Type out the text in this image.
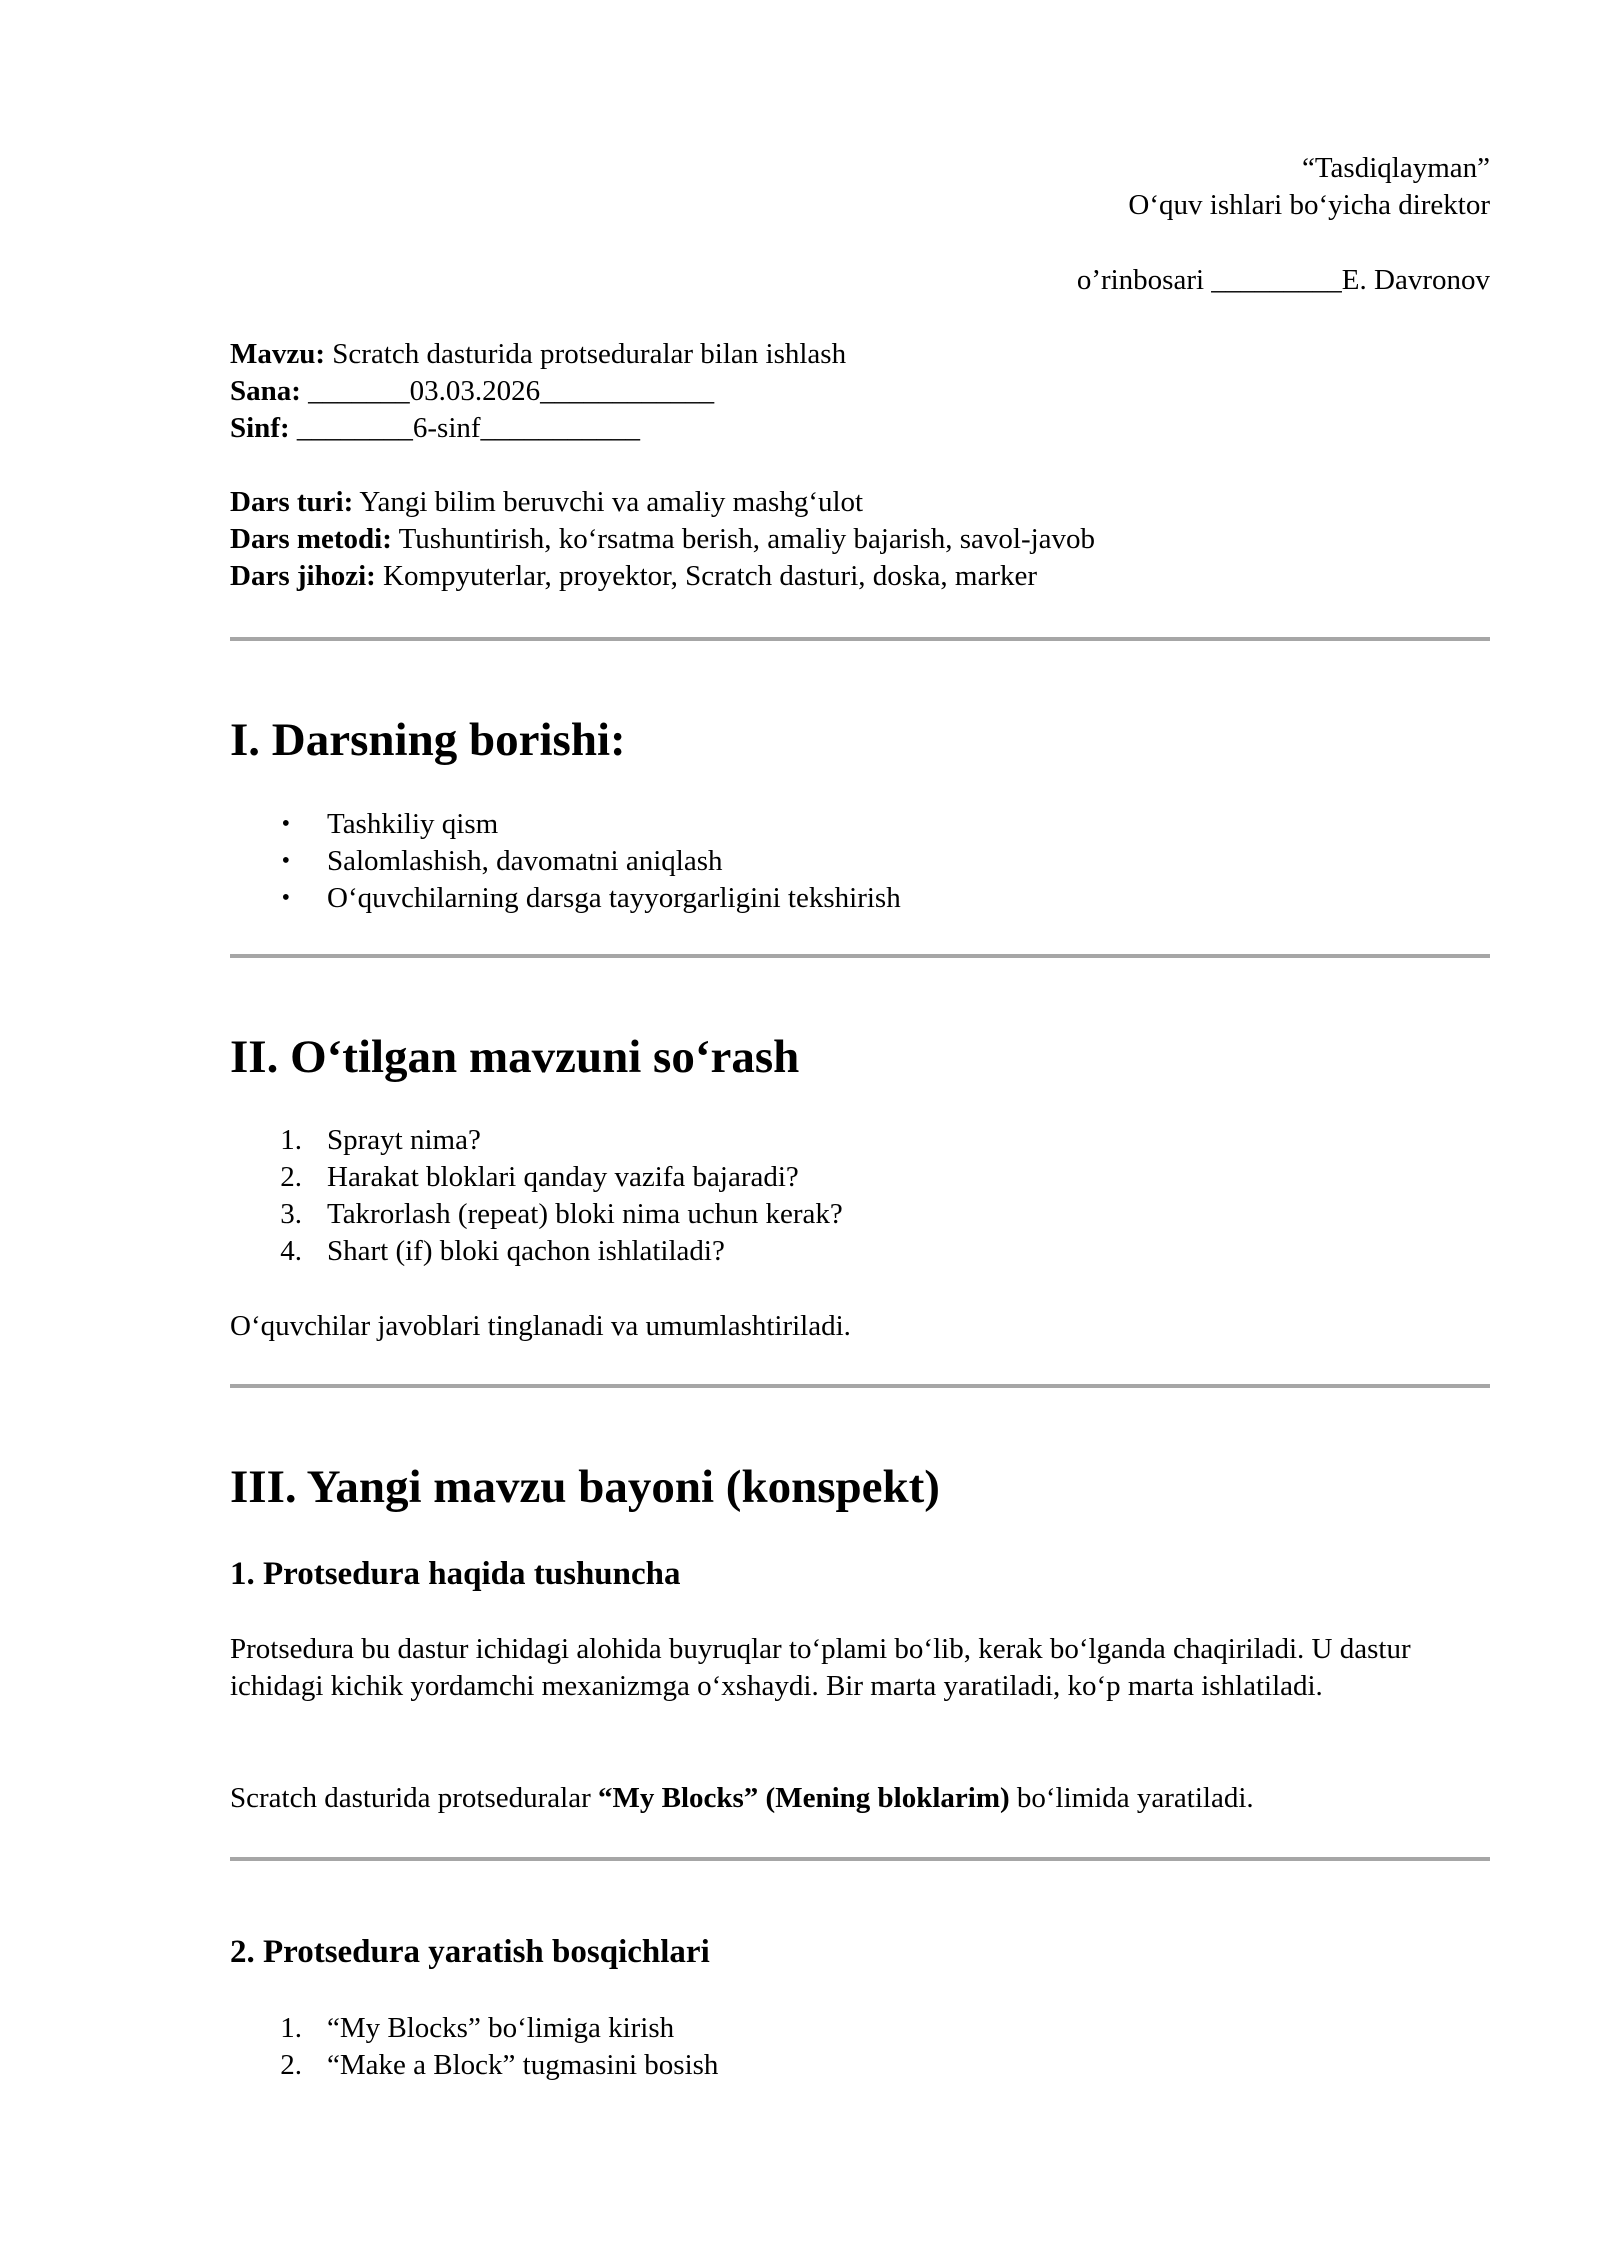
“Tasdiqlayman”
O‘quv ishlari bo‘yicha direktor
o’rinbosari _________E. Davronov
Mavzu: Scratch dasturida protseduralar bilan ishlash
Sana: _______03.03.2026____________
Sinf: ________6-sinf___________
Dars turi: Yangi bilim beruvchi va amaliy mashg‘ulot
Dars metodi: Tushuntirish, ko‘rsatma berish, amaliy bajarish, savol-javob
Dars jihozi: Kompyuterlar, proyektor, Scratch dasturi, doska, marker
I. Darsning borishi:
• Tashkiliy qism
• Salomlashish, davomatni aniqlash
• O‘quvchilarning darsga tayyorgarligini tekshirish
II. O‘tilgan mavzuni so‘rash
1. Sprayt nima?
2. Harakat bloklari qanday vazifa bajaradi?
3. Takrorlash (repeat) bloki nima uchun kerak?
4. Shart (if) bloki qachon ishlatiladi?

O‘quvchilar javoblari tinglanadi va umumlashtiriladi.

III. Yangi mavzu bayoni (konspekt)
1. Protsedura haqida tushuncha

Protsedura bu dastur ichidagi alohida buyruqlar to‘plami bo‘lib, kerak bo‘lganda chaqiriladi. U dastur ichidagi kichik yordamchi mexanizmga o‘xshaydi. Bir marta yaratiladi, ko‘p marta ishlatiladi.

Scratch dasturida protseduralar “My Blocks” (Mening bloklarim) bo‘limida yaratiladi.

2. Protsedura yaratish bosqichlari
1. “My Blocks” bo‘limiga kirish
2. “Make a Block” tugmasini bosish
